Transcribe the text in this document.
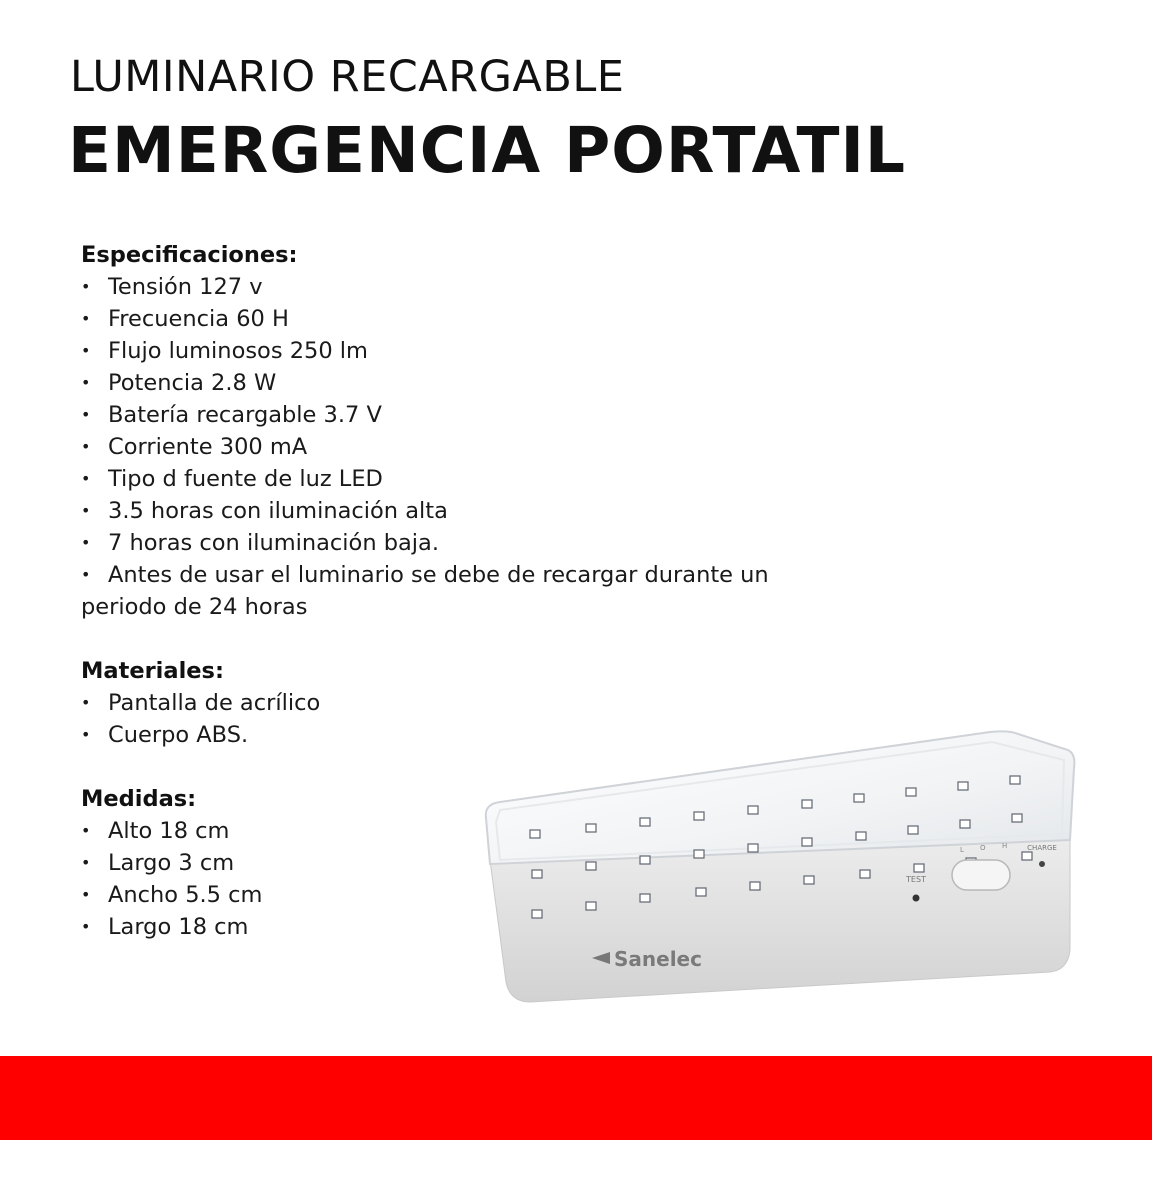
LUMINARIO RECARGABLE
EMERGENCIA PORTATIL

Especificaciones:

• Tensión 127 v
• Frecuencia 60 H
• Flujo luminosos 250 lm
• Potencia 2.8 W
• Batería recargable 3.7 V
• Corriente 300 mA
• Tipo d fuente de luz LED
• 3.5 horas con iluminación alta
• 7 horas con iluminación baja.
• Antes de usar el luminario se debe de recargar durante un
periodo de 24 horas

Materiales:

• Pantalla de acrílico
• Cuerpo ABS.

Medidas:

• Alto 18 cm
• Largo 3 cm
• Ancho 5.5 cm
• Largo 18 cm
TEST
L O H	CHARGE
Sanelec
